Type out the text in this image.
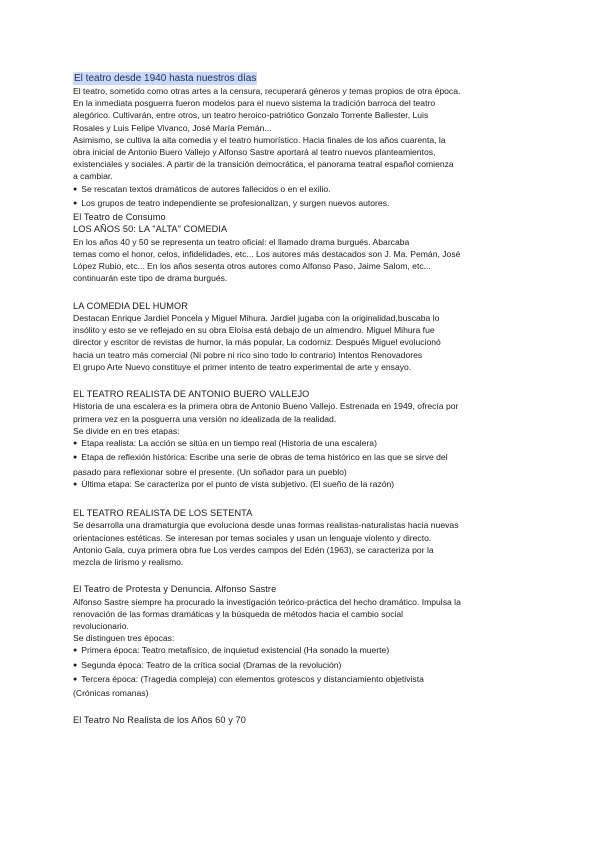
El teatro desde 1940 hasta nuestros días

El teatro, sometido como otras artes a la censura, recuperará géneros y temas propios de otra época.

En la inmediata posguerra fueron modelos para el nuevo sistema la tradición barroca del teatro

alegórico. Cultivarán, entre otros, un teatro heroico-patriótico Gonzalo Torrente Ballester, Luis

Rosales y Luis Felipe Vivanco, José María Pemán...

Asimismo, se cultiva la alta comedia y el teatro humorístico. Hacia finales de los años cuarenta, la

obra inicial de Antonio Buero Vallejo y Alfonso Sastre aportará al teatro nuevos planteamientos,

existenciales y sociales. A partir de la transición democrática, el panorama teatral español comienza

a cambiar.

● Se rescatan textos dramáticos de autores fallecidos o en el exilio.

● Los grupos de teatro independiente se profesionalizan, y surgen nuevos autores.

El Teatro de Consumo

LOS AÑOS 50: LA "ALTA" COMEDIA

En los años 40 y 50 se representa un teatro oficial: el llamado drama burgués. Abarcaba

temas como el honor, celos, infidelidades, etc... Los autores más destacados son J. Ma. Pemán, José

López Rubio, etc... En los años sesenta otros autores como Alfonso Paso, Jaime Salom, etc...

continuarán este tipo de drama burgués.

LA COMEDIA DEL HUMOR

Destacan Enrique Jardiel Poncela y Miguel Mihura. Jardiel jugaba con la originalidad,buscaba lo

insólito y esto se ve reflejado en su obra Eloísa está debajo de un almendro. Miguel Mihura fue

director y escritor de revistas de humor, la más popular, La codorniz. Después Miguel evolucionó

hacia un teatro más comercial (Ni pobre ni rico sino todo lo contrario) Intentos Renovadores

El grupo Arte Nuevo constituye el primer intento de teatro experimental de arte y ensayo.

EL TEATRO REALISTA DE ANTONIO BUERO VALLEJO

Historia de una escalera es la primera obra de Antonio Bueno Vallejo. Estrenada en 1949, ofrecía por

primera vez en la posguerra una versión no idealizada de la realidad.

Se divide en en tres etapas:

● Etapa realista: La acción se sitúa en un tiempo real (Historia de una escalera)

● Etapa de reflexión histórica: Escribe una serie de obras de tema histórico en las que se sirve del

pasado para reflexionar sobre el presente. (Un soñador para un pueblo)

● Última etapa: Se caracteriza por el punto de vista subjetivo. (El sueño de la razón)

EL TEATRO REALISTA DE LOS SETENTA

Se desarrolla una dramaturgia que evoluciona desde unas formas realistas-naturalistas hacia nuevas

orientaciones estéticas. Se interesan por temas sociales y usan un lenguaje violento y directo.

Antonio Gala, cuya primera obra fue Los verdes campos del Edén (1963), se caracteriza por la

mezcla de lirismo y realismo.

El Teatro de Protesta y Denuncia. Alfonso Sastre

Alfonso Sastre siempre ha procurado la investigación teórico-práctica del hecho dramático. Impulsa la

renovación de las formas dramáticas y la búsqueda de métodos hacia el cambio social

revolucionario.

Se distinguen tres épocas:

● Primera época: Teatro metafísico, de inquietud existencial (Ha sonado la muerte)

● Segunda época: Teatro de la crítica social (Dramas de la revolución)

● Tercera época: (Tragedia compleja) con elementos grotescos y distanciamiento objetivista

(Crónicas romanas)

El Teatro No Realista de los Años 60 y 70
